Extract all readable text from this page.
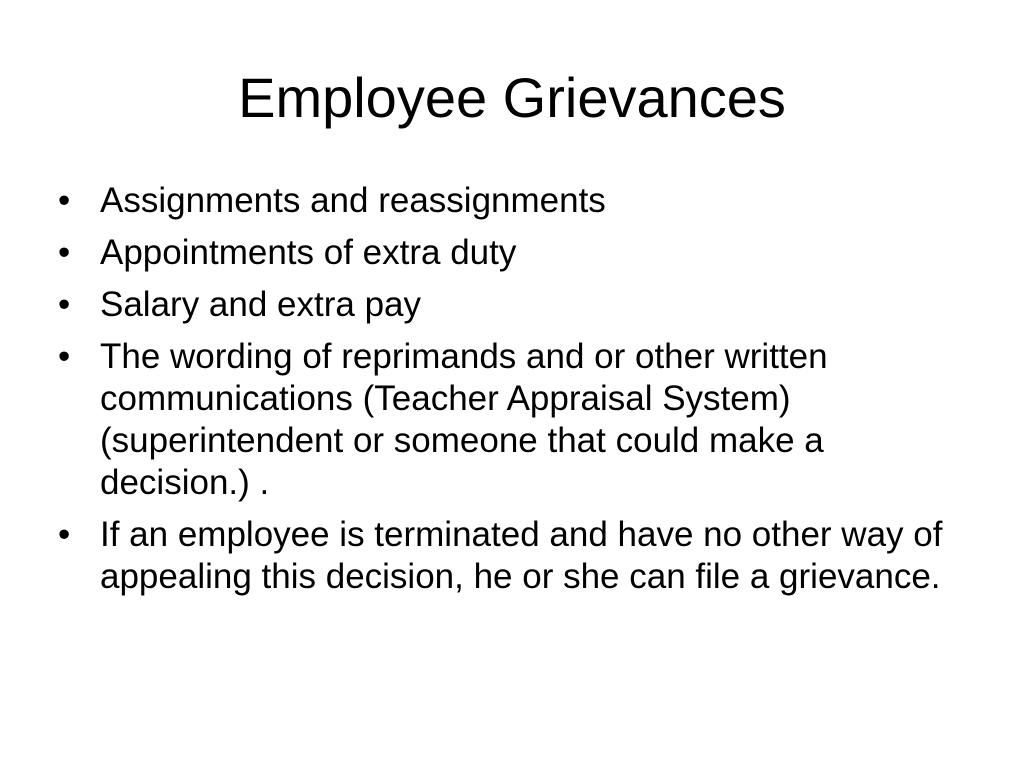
Employee Grievances
• Assignments and reassignments
• Appointments of extra duty
• Salary and extra pay
• The wording of reprimands and or other written communications (Teacher Appraisal System) (superintendent or someone that could make a decision.) .
• If an employee is terminated and have no other way of appealing this decision, he or she can file a grievance.
